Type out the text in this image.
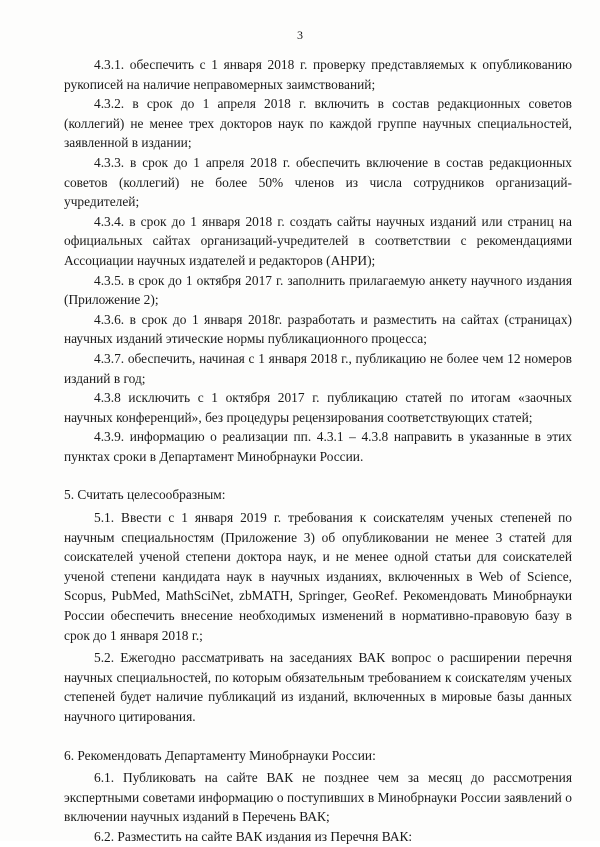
3

4.3.1. обеспечить с 1 января 2018 г. проверку представляемых к опубликованию рукописей на наличие неправомерных заимствований;

4.3.2. в срок до 1 апреля 2018 г. включить в состав редакционных советов (коллегий) не менее трех докторов наук по каждой группе научных специальностей, заявленной в издании;

4.3.3. в срок до 1 апреля 2018 г. обеспечить включение в состав редакционных советов (коллегий) не более 50% членов из числа сотрудников организаций-учредителей;

4.3.4. в срок до 1 января 2018 г. создать сайты научных изданий или страниц на официальных сайтах организаций-учредителей в соответствии с рекомендациями Ассоциации научных издателей и редакторов (АНРИ);

4.3.5. в срок до 1 октября 2017 г. заполнить прилагаемую анкету научного издания (Приложение 2);

4.3.6. в срок до 1 января 2018г. разработать и разместить на сайтах (страницах) научных изданий этические нормы публикационного процесса;

4.3.7. обеспечить, начиная с 1 января 2018 г., публикацию не более чем 12 номеров изданий в год;

4.3.8 исключить с 1 октября 2017 г. публикацию статей по итогам «заочных научных конференций», без процедуры рецензирования соответствующих статей;

4.3.9. информацию о реализации пп. 4.3.1 – 4.3.8 направить в указанные в этих пунктах сроки в Департамент Минобрнауки России.

5. Считать целесообразным:

5.1. Ввести с 1 января 2019 г. требования к соискателям ученых степеней по научным специальностям (Приложение 3) об опубликовании не менее 3 статей для соискателей ученой степени доктора наук, и не менее одной статьи для соискателей ученой степени кандидата наук в научных изданиях, включенных в Web of Science, Scopus, PubMed, MathSciNet, zbMATH, Springer, GeoRef. Рекомендовать Минобрнауки России обеспечить внесение необходимых изменений в нормативно-правовую базу в срок до 1 января 2018 г.;

5.2. Ежегодно рассматривать на заседаниях ВАК вопрос о расширении перечня научных специальностей, по которым обязательным требованием к соискателям ученых степеней будет наличие публикаций из изданий, включенных в мировые базы данных научного цитирования.

6. Рекомендовать Департаменту Минобрнауки России:

6.1. Публиковать на сайте ВАК не позднее чем за месяц до рассмотрения экспертными советами информацию о поступивших в Минобрнауки России заявлений о включении научных изданий в Перечень ВАК;

6.2. Разместить на сайте ВАК издания из Перечня ВАК:
